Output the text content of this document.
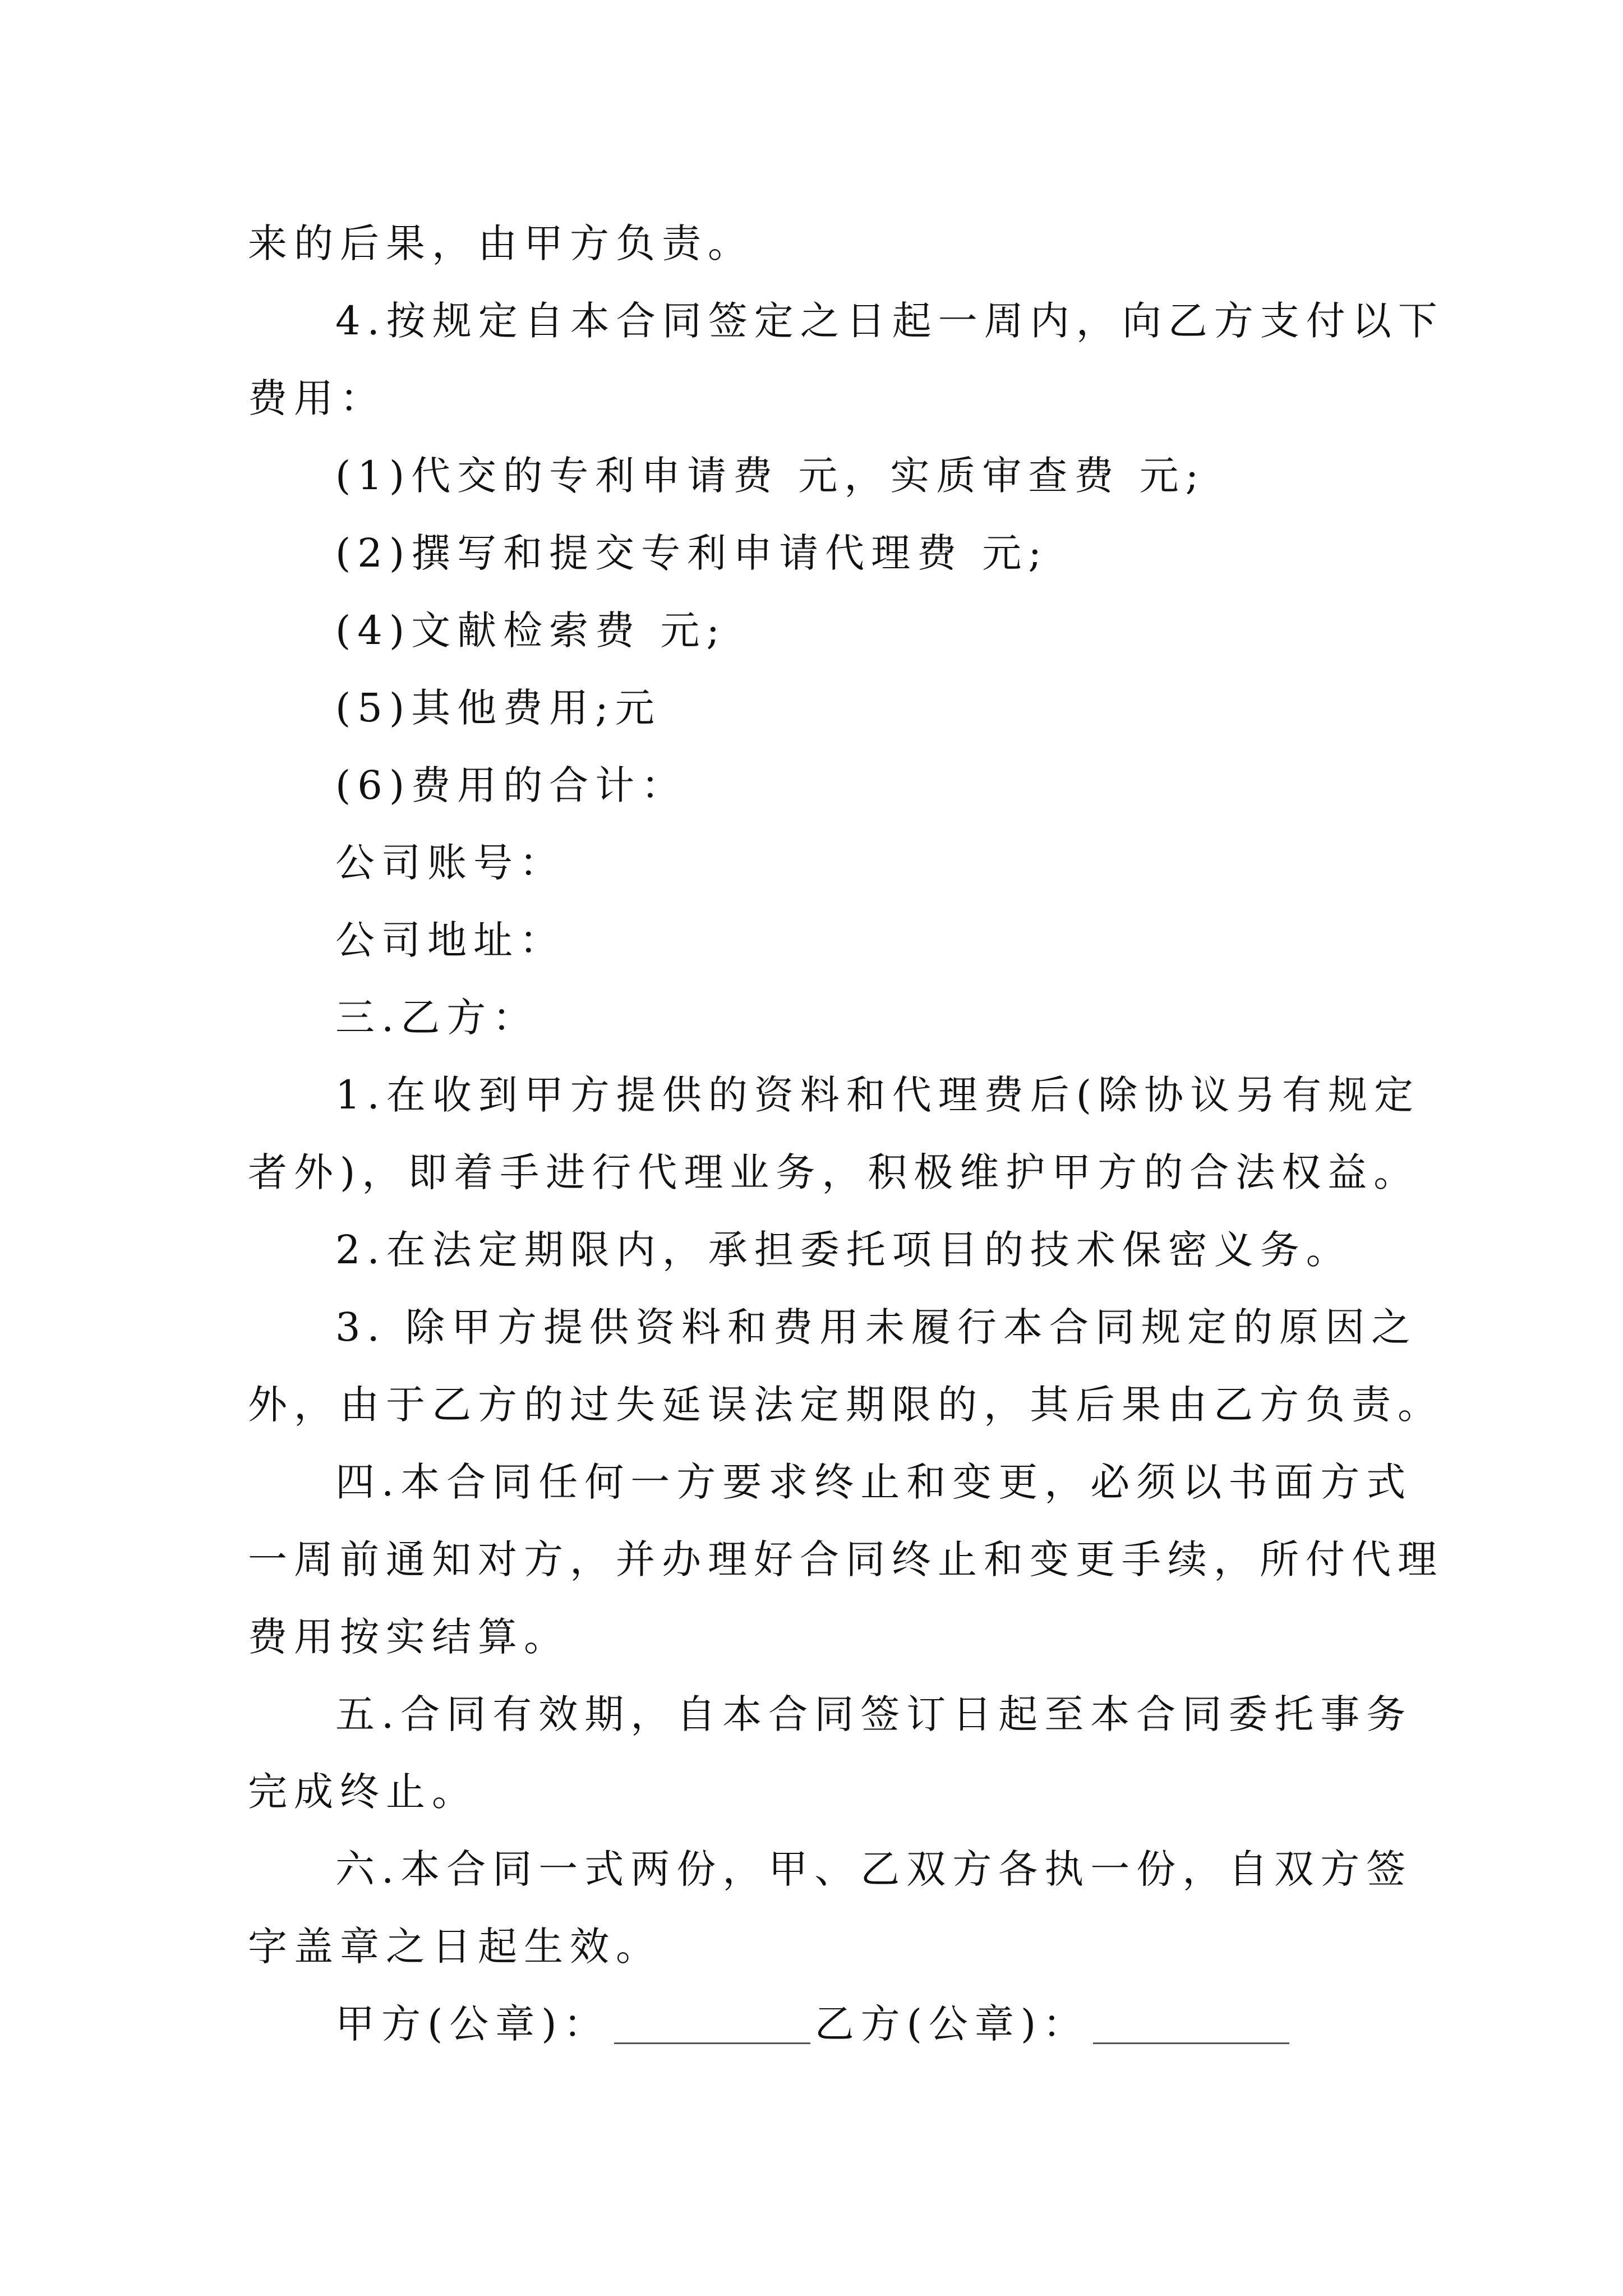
来的后果，由甲方负责。
4.按规定自本合同签定之日起一周内，向乙方支付以下
费用：
(1)代交的专利申请费 元，实质审查费 元;
(2)撰写和提交专利申请代理费 元;
(4)文献检索费 元;
(5)其他费用;元
(6)费用的合计：
公司账号：
公司地址：
三.乙方：
1.在收到甲方提供的资料和代理费后(除协议另有规定
者外)，即着手进行代理业务，积极维护甲方的合法权益。
2.在法定期限内，承担委托项目的技术保密义务。
3. 除甲方提供资料和费用未履行本合同规定的原因之
外，由于乙方的过失延误法定期限的，其后果由乙方负责。
四.本合同任何一方要求终止和变更，必须以书面方式
一周前通知对方，并办理好合同终止和变更手续，所付代理
费用按实结算。
五.合同有效期，自本合同签订日起至本合同委托事务
完成终止。
六.本合同一式两份，甲、乙双方各执一份，自双方签
字盖章之日起生效。
甲方(公章)：	乙方(公章)：
